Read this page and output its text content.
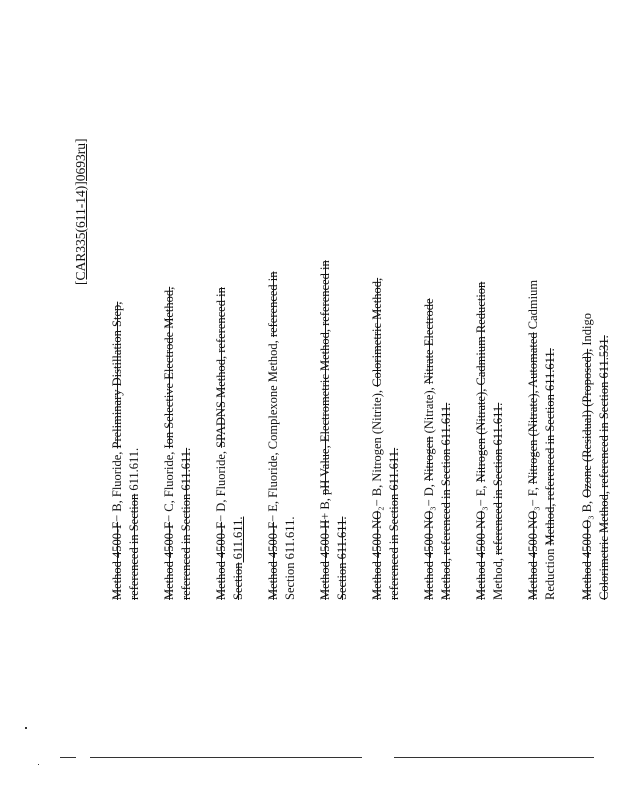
[CAR335(611-14)]0693ru]
Method 4500-F− B, Fluoride, Preliminary Distillation Step, referenced in Section 611.611.
Method 4500-F− C, Fluoride, Ion Selective Electrode Method, referenced in Section 611.611. Method 4500-F− D, Fluoride, SPADNS Method, referenced in Section 611.611. Method 4500-F− E, Fluoride, Complexone Method, referenced in Section 611.611. Method 4500-H+ B, pH Value, Electrometric Method, referenced in Section 611.611. Method 4500-NO₂− B, Nitrogen (Nitrite), Colorimetric Method, referenced in Section 611.611. Method 4500-NO₃− D, Nitrogen (Nitrate), Nitrate Electrode Method, referenced in Section 611.611. Method 4500-NO₃− E, Nitrogen (Nitrate), Cadmium Reduction Method, referenced in Section 611.611.
Method 4500-NO₃− F, Nitrogen (Nitrate), Automated Cadmium Reduction Method, referenced in Section 611.611.
Method 4500-O₃ B, Ozone (Residual) (Proposed), Indigo Colorimetric Method, referenced in Section 611.531.
